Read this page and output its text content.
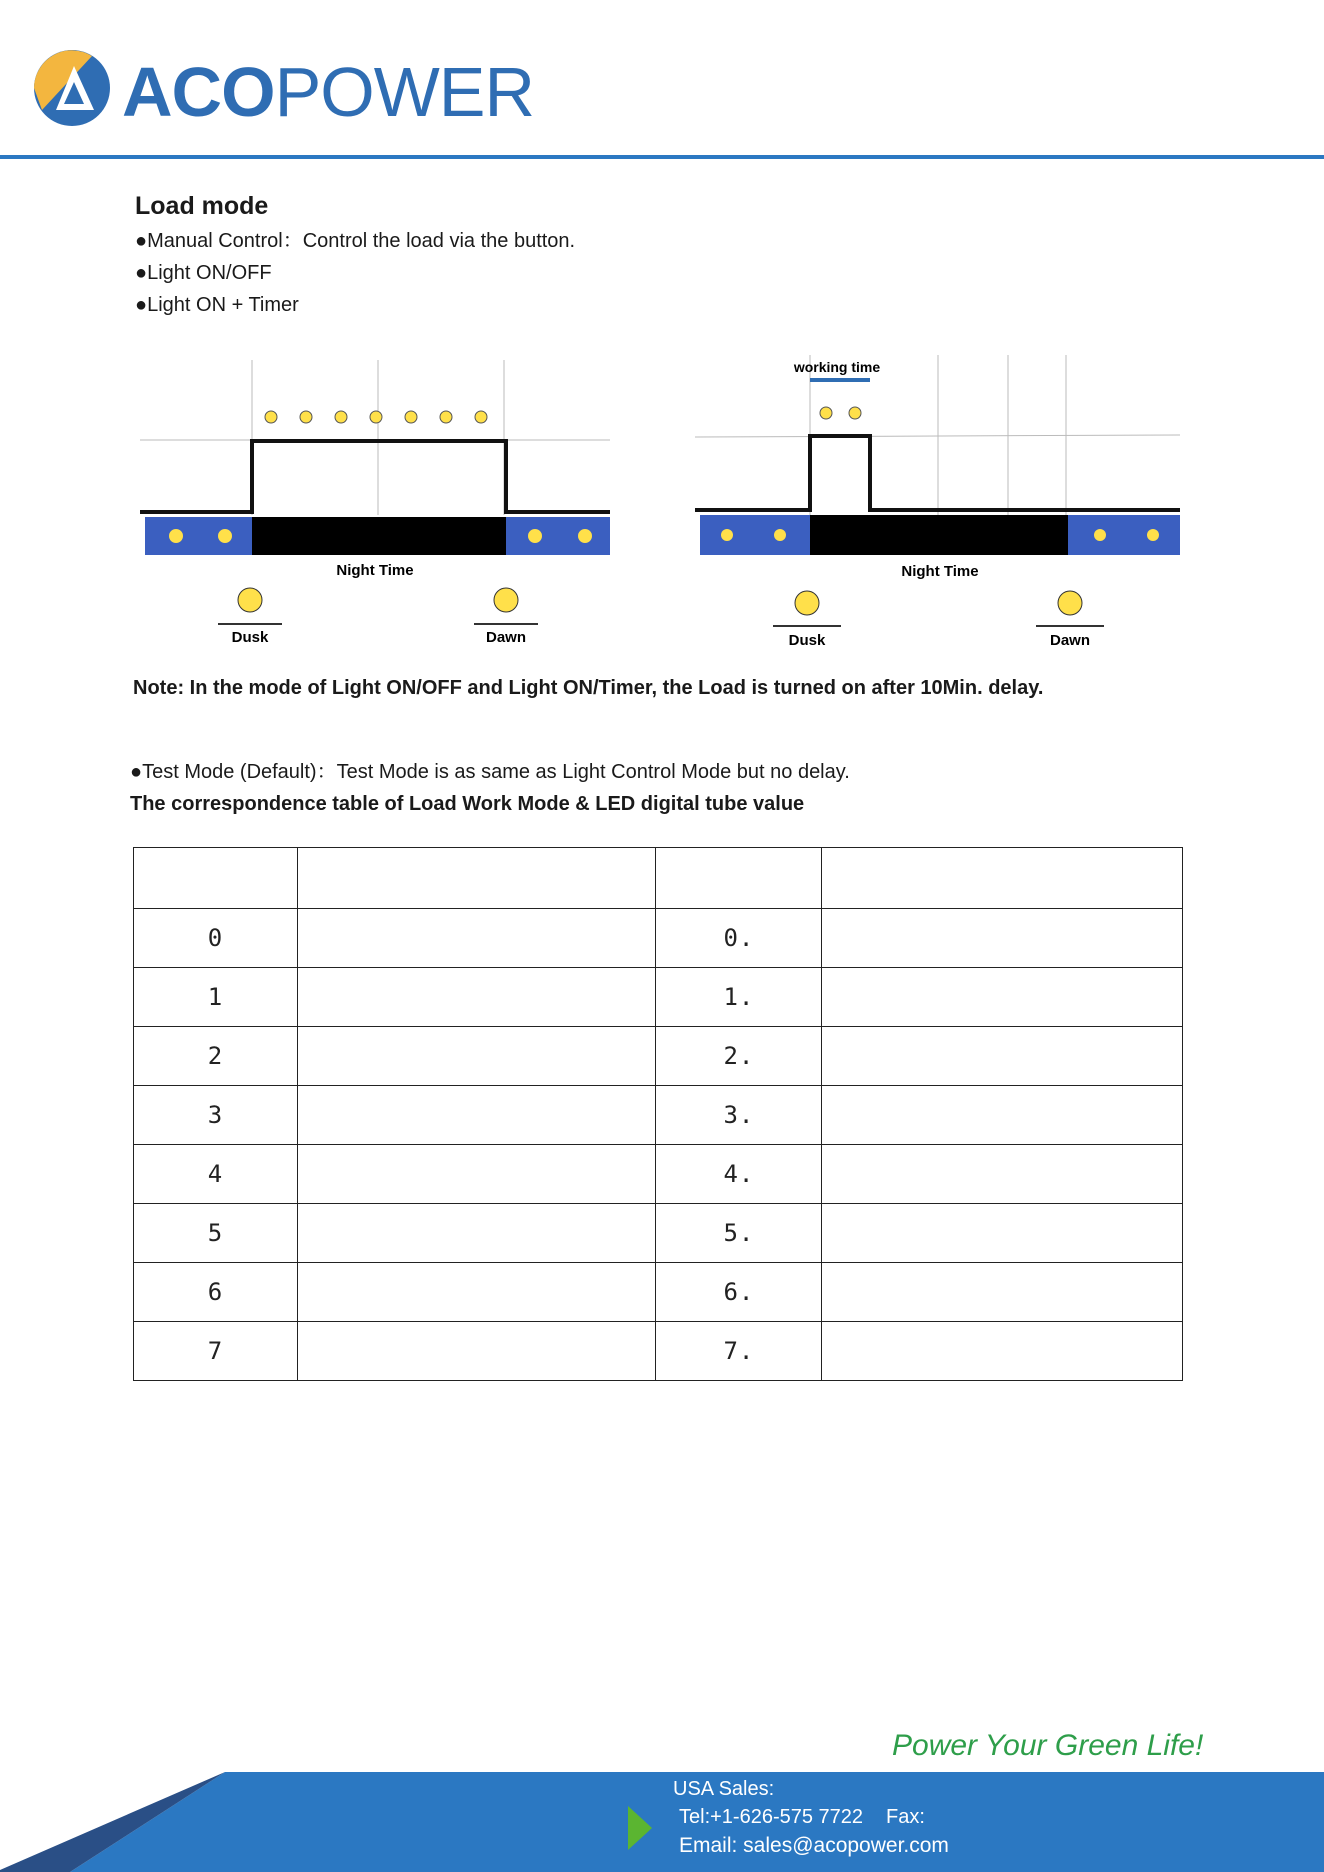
ACOPOWER
Load mode
●Manual Control：Control the load via the button.
●Light ON/OFF
●Light ON + Timer
Night Time
Dusk	Dawn
working time
Night Time
Dusk	Dawn
Note: In the mode of Light ON/OFF and Light ON/Timer, the Load is turned on after 10Min. delay.
●Test Mode (Default)：Test Mode is as same as Light Control Mode but no delay.
The correspondence table of Load Work Mode & LED digital tube value

0		0.	
1		1.	
2		2.	
3		3.	
4		4.	
5		5.	
6		6.	
7		7.	
Power Your Green Life!
USA Sales:
Tel:+1-626-575 7722 Fax:
Email: sales@acopower.com
